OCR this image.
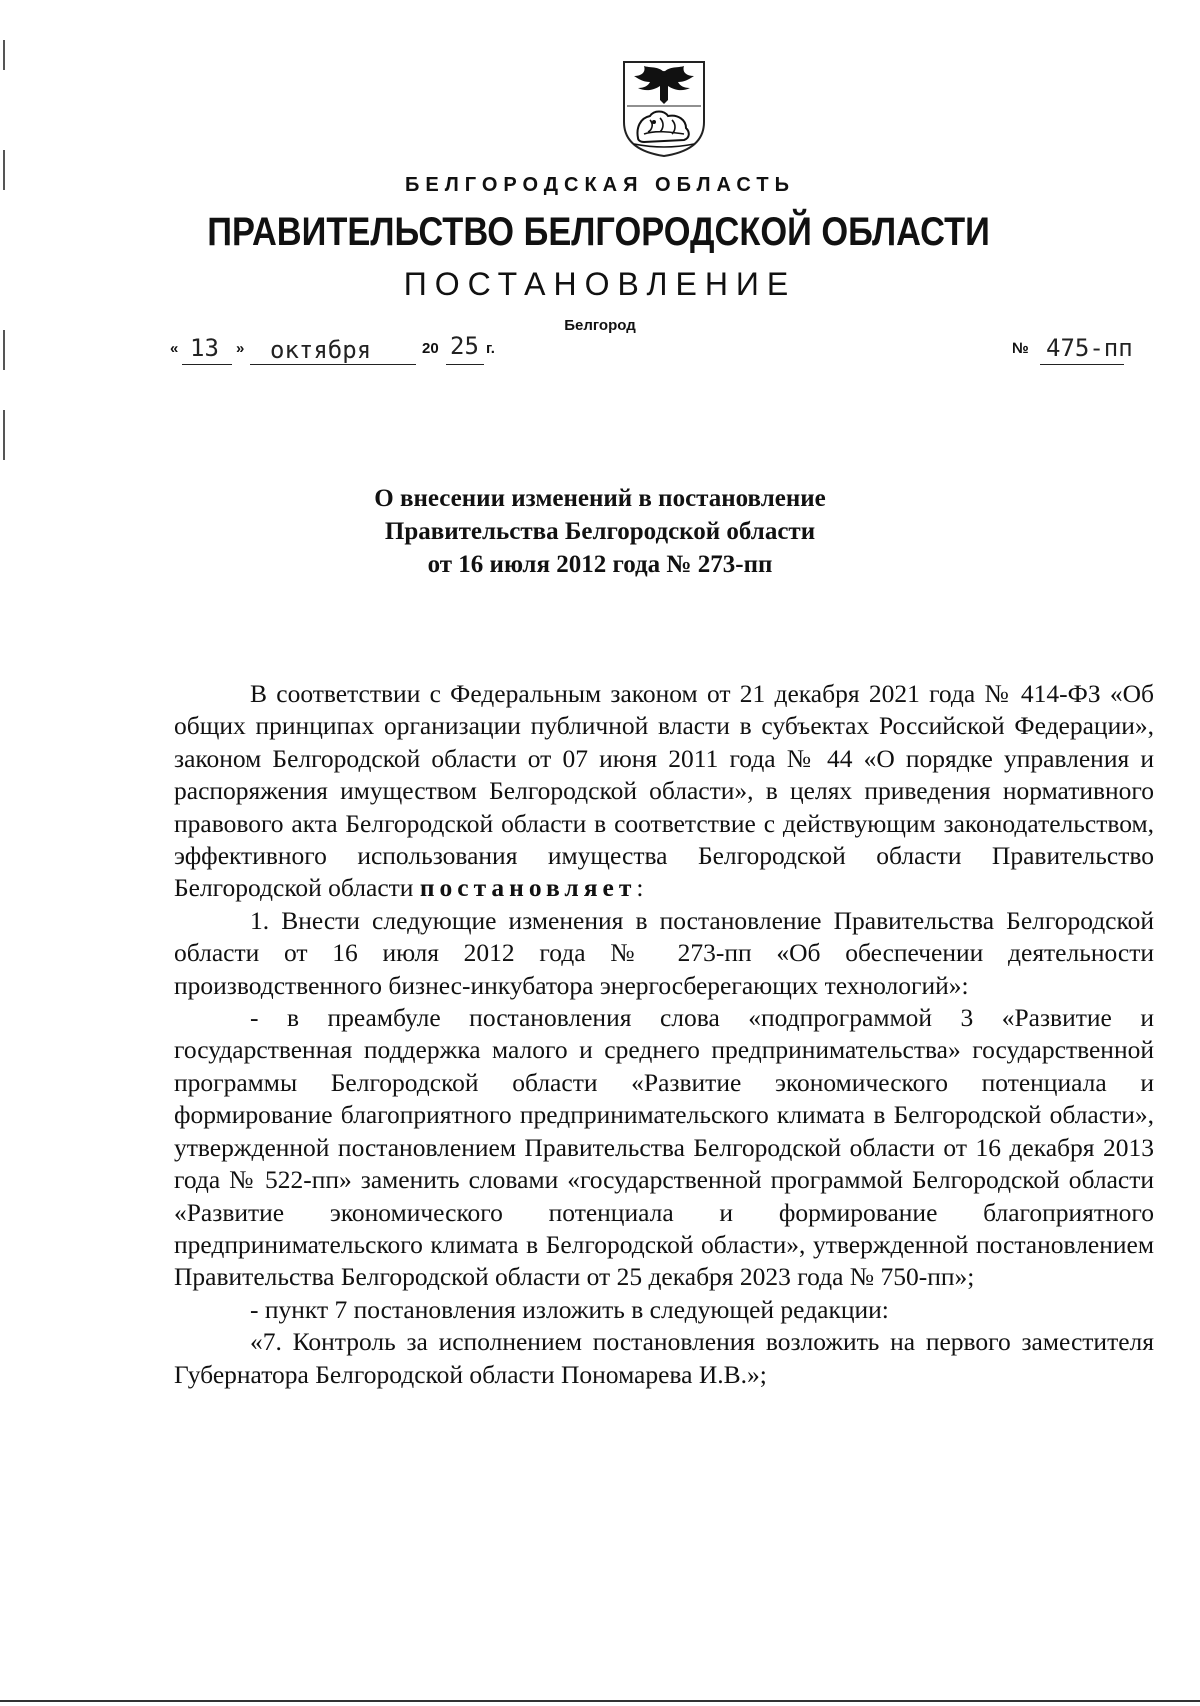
БЕЛГОРОДСКАЯ ОБЛАСТЬ
ПРАВИТЕЛЬСТВО БЕЛГОРОДСКОЙ ОБЛАСТИ
ПОСТАНОВЛЕНИЕ
Белгород
« 13 » октября	20 25 г.	№ 475-пп
О внесении изменений в постановление
Правительства Белгородской области
от 16 июля 2012 года № 273-пп

В соответствии с Федеральным законом от 21 декабря 2021 года № 414-ФЗ «Об общих принципах организации публичной власти в субъектах Российской Федерации», законом Белгородской области от 07 июня 2011 года № 44 «О порядке управления и распоряжения имуществом Белгородской области», в целях приведения нормативного правового акта Белгородской области в соответствие с действующим законодательством, эффективного использования имущества Белгородской области Правительство Белгородской области постановляет:

1. Внести следующие изменения в постановление Правительства Белгородской области от 16 июля 2012 года № 273-пп «Об обеспечении деятельности производственного бизнес-инкубатора энергосберегающих технологий»:

- в преамбуле постановления слова «подпрограммой 3 «Развитие и государственная поддержка малого и среднего предпринимательства» государственной программы Белгородской области «Развитие экономического потенциала и формирование благоприятного предпринимательского климата в Белгородской области», утвержденной постановлением Правительства Белгородской области от 16 декабря 2013 года № 522-пп» заменить словами «государственной программой Белгородской области «Развитие экономического потенциала и формирование благоприятного предпринимательского климата в Белгородской области», утвержденной постановлением Правительства Белгородской области от 25 декабря 2023 года № 750-пп»;

- пункт 7 постановления изложить в следующей редакции:

«7. Контроль за исполнением постановления возложить на первого заместителя Губернатора Белгородской области Пономарева И.В.»;
